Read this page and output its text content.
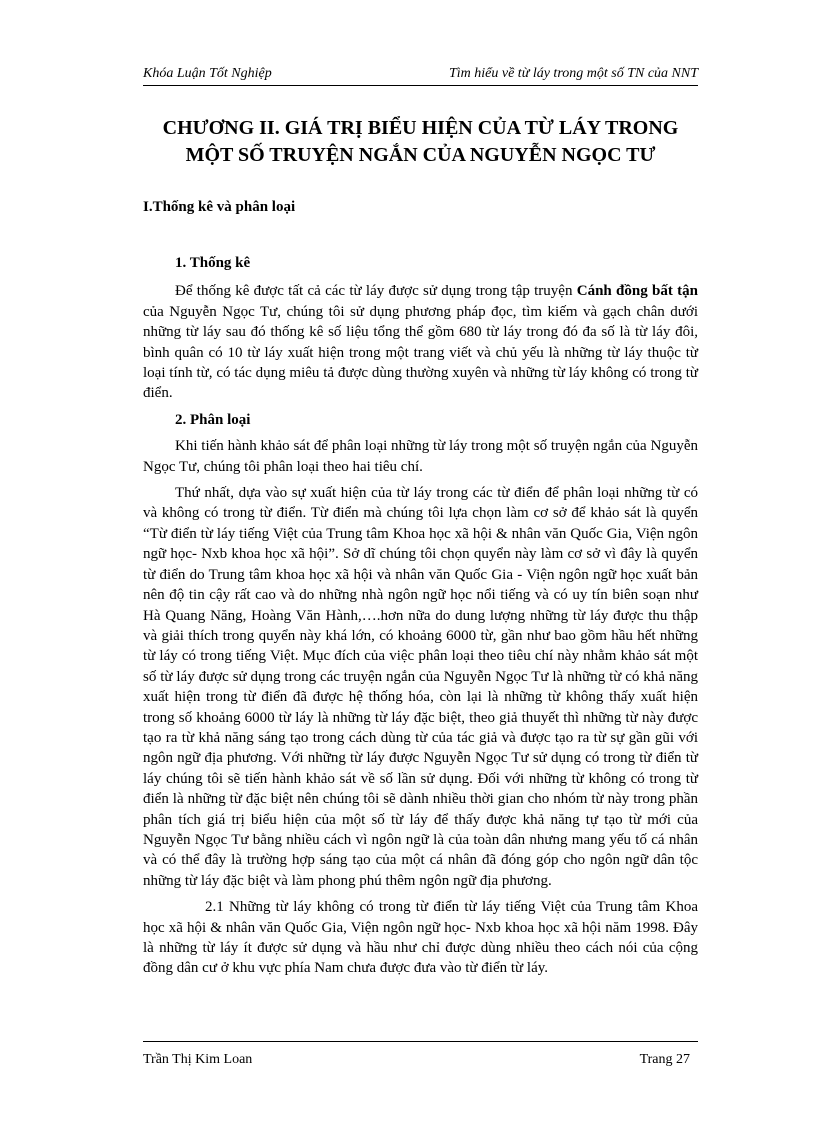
Khóa Luận Tốt Nghiệp	Tìm hiểu về từ láy trong một số TN của NNT
CHƯƠNG II. GIÁ TRỊ BIỂU HIỆN CỦA TỪ LÁY TRONG
MỘT SỐ TRUYỆN NGẮN CỦA NGUYỄN NGỌC TƯ
I.Thống kê và phân loại
1. Thống kê

Để thống kê được tất cả các từ láy được sử dụng trong tập truyện Cánh đồng bất tận của Nguyễn Ngọc Tư, chúng tôi sử dụng phương pháp đọc, tìm kiếm và gạch chân dưới những từ láy sau đó thống kê số liệu tổng thể gồm 680 từ láy trong đó đa số là từ láy đôi, bình quân có 10 từ láy xuất hiện trong một trang viết và chủ yếu là những từ láy thuộc từ loại tính từ, có tác dụng miêu tả được dùng thường xuyên và những từ láy không có trong từ điển.

2. Phân loại

Khi tiến hành khảo sát để phân loại những từ láy trong một số truyện ngắn của Nguyễn Ngọc Tư, chúng tôi phân loại theo hai tiêu chí.

Thứ nhất, dựa vào sự xuất hiện của từ láy trong các từ điển để phân loại những từ có và không có trong từ điển. Từ điển mà chúng tôi lựa chọn làm cơ sở để khảo sát là quyển “Từ điển từ láy tiếng Việt của Trung tâm Khoa học xã hội & nhân văn Quốc Gia, Viện ngôn ngữ học- Nxb khoa học xã hội”. Sở dĩ chúng tôi chọn quyển này làm cơ sở vì đây là quyển từ điển do Trung tâm khoa học xã hội và nhân văn Quốc Gia - Viện ngôn ngữ học xuất bản nên độ tin cậy rất cao và do những nhà ngôn ngữ học nổi tiếng và có uy tín biên soạn như Hà Quang Năng, Hoàng Văn Hành,….hơn nữa do dung lượng những từ láy được thu thập và giải thích trong quyển này khá lớn, có khoảng 6000 từ, gần như bao gồm hầu hết những từ láy có trong tiếng Việt. Mục đích của việc phân loại theo tiêu chí này nhằm khảo sát một số từ láy được sử dụng trong các truyện ngắn của Nguyễn Ngọc Tư là những từ có khả năng xuất hiện trong từ điển đã được hệ thống hóa, còn lại là những từ không thấy xuất hiện trong số khoảng 6000 từ láy là những từ láy đặc biệt, theo giả thuyết thì những từ này được tạo ra từ khả năng sáng tạo trong cách dùng từ của tác giả và được tạo ra từ sự gần gũi với ngôn ngữ địa phương. Với những từ láy được Nguyễn Ngọc Tư sử dụng có trong từ điển từ láy chúng tôi sẽ tiến hành khảo sát về số lần sử dụng. Đối với những từ không có trong từ điển là những từ đặc biệt nên chúng tôi sẽ dành nhiều thời gian cho nhóm từ này trong phần phân tích giá trị biểu hiện của một số từ láy để thấy được khả năng tự tạo từ mới của Nguyễn Ngọc Tư bằng nhiều cách vì ngôn ngữ là của toàn dân nhưng mang yếu tố cá nhân và có thể đây là trường hợp sáng tạo của một cá nhân đã đóng góp cho ngôn ngữ dân tộc những từ láy đặc biệt và làm phong phú thêm ngôn ngữ địa phương.

2.1 Những từ láy không có trong từ điển từ láy tiếng Việt của Trung tâm Khoa học xã hội & nhân văn Quốc Gia, Viện ngôn ngữ học- Nxb khoa học xã hội năm 1998. Đây là những từ láy ít được sử dụng và hầu như chỉ được dùng nhiều theo cách nói của cộng đồng dân cư ở khu vực phía Nam chưa được đưa vào từ điển từ láy.

Trần Thị Kim Loan	Trang 27
